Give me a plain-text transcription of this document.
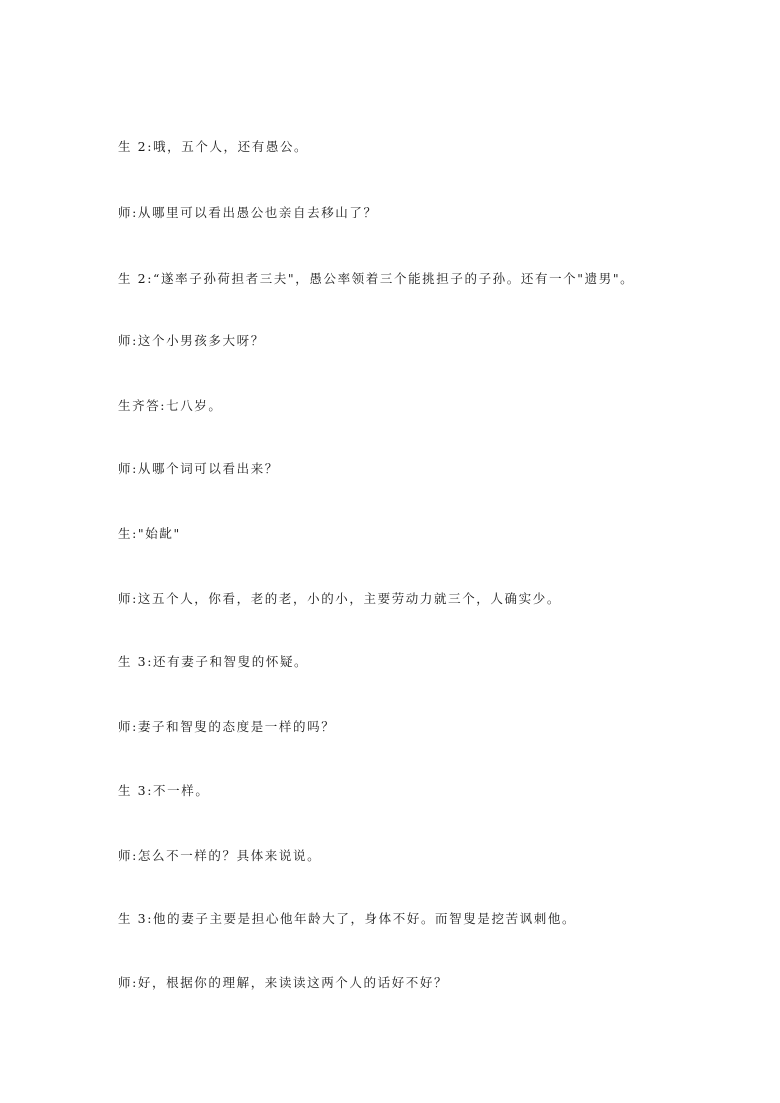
生 2:哦，五个人，还有愚公。
师:从哪里可以看出愚公也亲自去移山了？
生 2:“遂率子孙荷担者三夫"，愚公率领着三个能挑担子的子孙。还有一个"遗男"。
师:这个小男孩多大呀？
生齐答:七八岁。
师:从哪个词可以看出来？
生:"始龀"
师:这五个人，你看，老的老，小的小，主要劳动力就三个，人确实少。
生 3:还有妻子和智叟的怀疑。
师:妻子和智叟的态度是一样的吗？
生 3:不一样。
师:怎么不一样的？具体来说说。
生 3:他的妻子主要是担心他年龄大了，身体不好。而智叟是挖苦讽刺他。
师:好，根据你的理解，来读读这两个人的话好不好？
